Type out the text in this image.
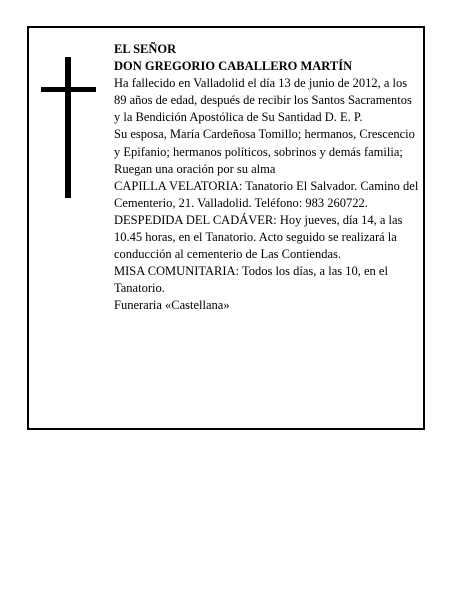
EL SEÑOR

DON GREGORIO CABALLERO MARTÍN

Ha fallecido en Valladolid el día 13 de junio de 2012, a los 89 años de edad, después de recibir los Santos Sacramentos y la Bendición Apostólica de Su Santidad D. E. P.

Su esposa, María Cardeñosa Tomillo; hermanos, Crescencio y Epifanio; hermanos políticos, sobrinos y demás familia;

Ruegan una oración por su alma

CAPILLA VELATORIA: Tanatorio El Salvador. Camino del Cementerio, 21. Valladolid. Teléfono: 983 260722.

DESPEDIDA DEL CADÁVER: Hoy jueves, día 14, a las 10.45 horas, en el Tanatorio. Acto seguido se realizará la conducción al cementerio de Las Contiendas.

MISA COMUNITARIA: Todos los días, a las 10, en el Tanatorio.

Funeraria «Castellana»
